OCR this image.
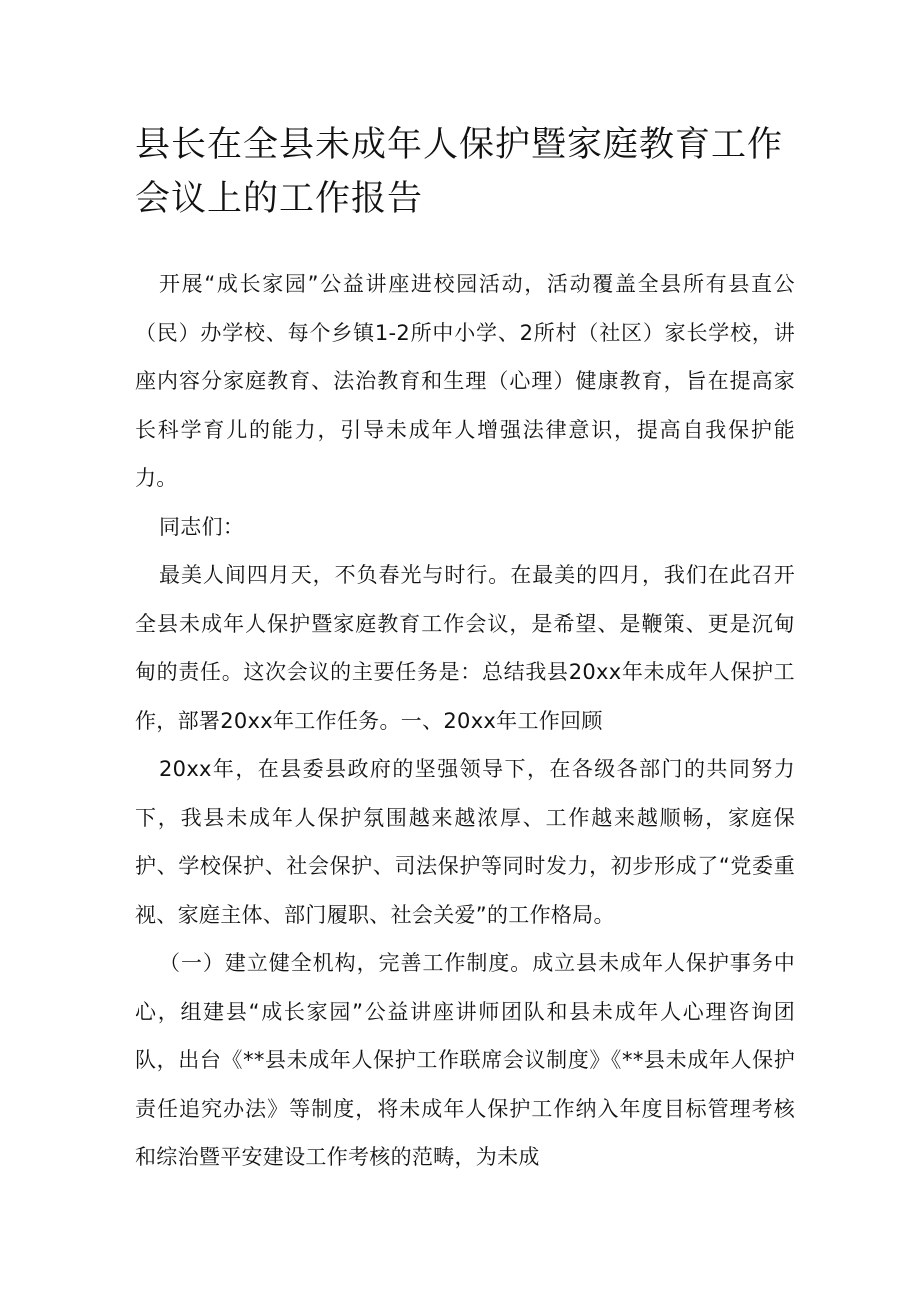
县长在全县未成年人保护暨家庭教育工作会议上的工作报告

开展“成长家园”公益讲座进校园活动，活动覆盖全县所有县直公（民）办学校、每个乡镇1-2所中小学、2所村（社区）家长学校，讲座内容分家庭教育、法治教育和生理（心理）健康教育，旨在提高家长科学育儿的能力，引导未成年人增强法律意识，提高自我保护能力。

同志们：

最美人间四月天，不负春光与时行。在最美的四月，我们在此召开全县未成年人保护暨家庭教育工作会议，是希望、是鞭策、更是沉甸甸的责任。这次会议的主要任务是：总结我县20xx年未成年人保护工作，部署20xx年工作任务。一、20xx年工作回顾

20xx年，在县委县政府的坚强领导下，在各级各部门的共同努力下，我县未成年人保护氛围越来越浓厚、工作越来越顺畅，家庭保护、学校保护、社会保护、司法保护等同时发力，初步形成了“党委重视、家庭主体、部门履职、社会关爱”的工作格局。

（一）建立健全机构，完善工作制度。成立县未成年人保护事务中心，组建县“成长家园”公益讲座讲师团队和县未成年人心理咨询团队，出台《**县未成年人保护工作联席会议制度》《**县未成年人保护责任追究办法》等制度，将未成年人保护工作纳入年度目标管理考核和综治暨平安建设工作考核的范畴，为未成
